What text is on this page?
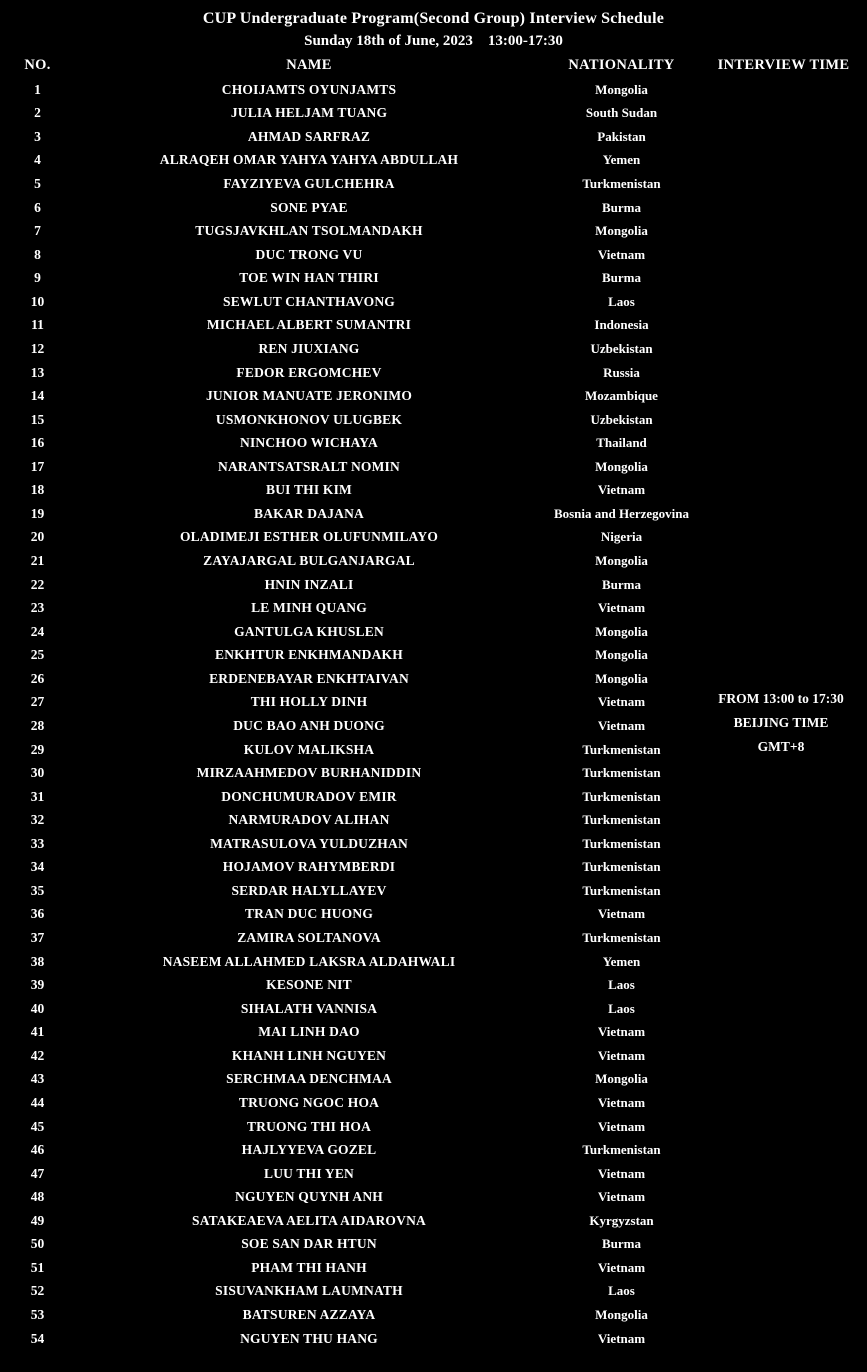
CUP Undergraduate Program(Second Group) Interview Schedule
Sunday 18th of June, 2023    13:00-17:30
NO.	NAME	NATIONALITY	INTERVIEW TIME
1	CHOIJAMTS OYUNJAMTS	Mongolia
2	JULIA HELJAM TUANG	South Sudan
3	AHMAD SARFRAZ	Pakistan
4	ALRAQEH OMAR YAHYA YAHYA ABDULLAH	Yemen
5	FAYZIYEVA GULCHEHRA	Turkmenistan
6	SONE PYAE	Burma
7	TUGSJAVKHLAN TSOLMANDAKH	Mongolia
8	DUC TRONG VU	Vietnam
9	TOE WIN HAN THIRI	Burma
10	SEWLUT CHANTHAVONG	Laos
11	MICHAEL ALBERT SUMANTRI	Indonesia
12	REN JIUXIANG	Uzbekistan
13	FEDOR ERGOMCHEV	Russia
14	JUNIOR MANUATE JERONIMO	Mozambique
15	USMONKHONOV ULUGBEK	Uzbekistan
16	NINCHOO WICHAYA	Thailand
17	NARANTSATSRALT NOMIN	Mongolia
18	BUI THI KIM	Vietnam
19	BAKAR DAJANA	Bosnia and Herzegovina
20	OLADIMEJI ESTHER OLUFUNMILAYO	Nigeria
21	ZAYAJARGAL BULGANJARGAL	Mongolia
22	HNIN INZALI	Burma
23	LE MINH QUANG	Vietnam
24	GANTULGA KHUSLEN	Mongolia
25	ENKHTUR ENKHMANDAKH	Mongolia
26	ERDENEBAYAR ENKHTAIVAN	Mongolia
27	THI HOLLY DINH	Vietnam
28	DUC BAO ANH DUONG	Vietnam
29	KULOV MALIKSHA	Turkmenistan
30	MIRZAAHMEDOV BURHANIDDIN	Turkmenistan
31	DONCHUMURADOV EMIR	Turkmenistan
32	NARMURADOV ALIHAN	Turkmenistan
33	MATRASULOVA YULDUZHAN	Turkmenistan
34	HOJAMOV RAHYMBERDI	Turkmenistan
35	SERDAR HALYLLAYEV	Turkmenistan
36	TRAN DUC HUONG	Vietnam
37	ZAMIRA SOLTANOVA	Turkmenistan
38	NASEEM ALLAHMED LAKSRA ALDAHWALI	Yemen
39	KESONE NIT	Laos
40	SIHALATH VANNISA	Laos
41	MAI LINH DAO	Vietnam
42	KHANH LINH NGUYEN	Vietnam
43	SERCHMAA DENCHMAA	Mongolia
44	TRUONG NGOC HOA	Vietnam
45	TRUONG THI HOA	Vietnam
46	HAJLYYEVA GOZEL	Turkmenistan
47	LUU THI YEN	Vietnam
48	NGUYEN QUYNH ANH	Vietnam
49	SATAKEAEVA AELITA AIDAROVNA	Kyrgyzstan
50	SOE SAN DAR HTUN	Burma
51	PHAM THI HANH	Vietnam
52	SISUVANKHAM LAUMNATH	Laos
53	BATSUREN AZZAYA	Mongolia
54	NGUYEN THU HANG	Vietnam
FROM 13:00 to 17:30
BEIJING TIME
GMT+8
